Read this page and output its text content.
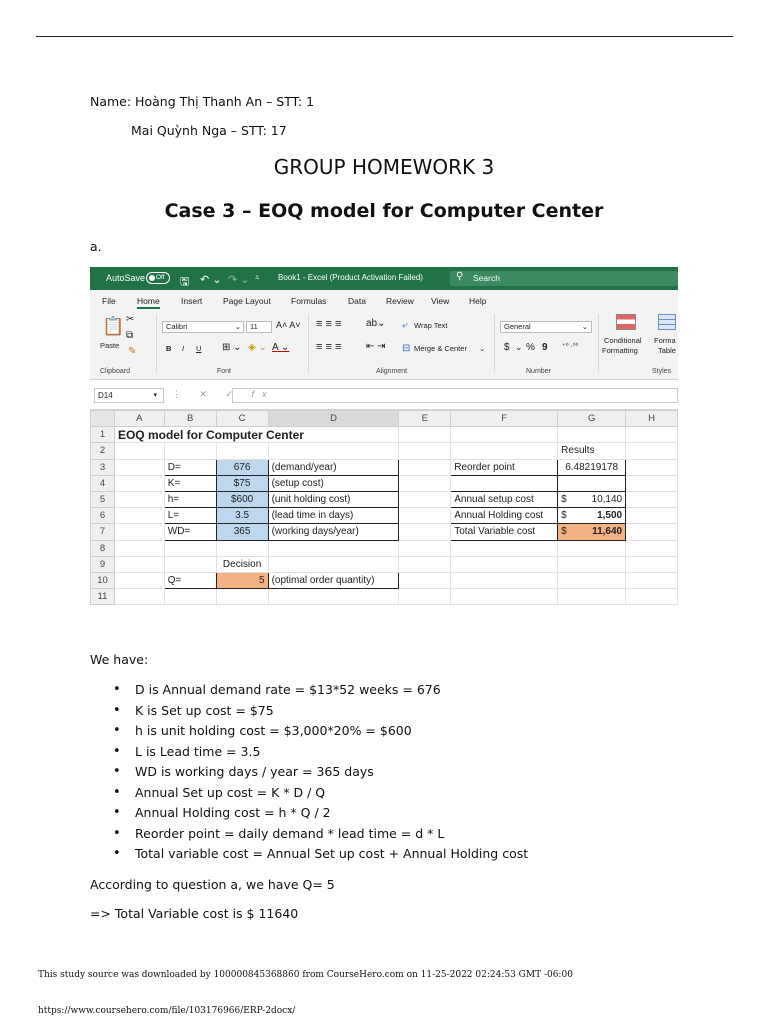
Name: Hoàng Thị Thanh An – STT: 1
Mai Quỳnh Nga – STT: 17
GROUP HOMEWORK 3
Case 3 – EOQ model for Computer Center
a.
AutoSave	Off	🖫 ↶ ⌄ ↷ ⌄ ⩡ Book1 - Excel (Product Activation Failed)	⚲ Search
File	Home	Insert Page Layout Formulas	Data Review View Help
📋
Paste
✂
⧉
✎
Clipboard
Calibri	⌄	11	A˄ A˅
B I U ⊞ ⌄ ◈ ⌄ A ⌄
Font
≡ ≡ ≡ ab⌄
≡ ≡ ≡ ⇤ ⇥
⤶ Wrap Text
⊟ Merge & Center ⌄
Alignment
General	⌄
$ ⌄ % 9 ⁺⁰ ·⁰⁰
Number
Conditional
Formatting
Forma
Table
Styles
D14	▾ ⋮ ✕ ✓ fx
	A	B	C	D	E	F	G	H
1	EOQ model for Computer Center							
2							Results	
3		D=	676	(demand/year)		Reorder point	6.48219178	
4		K=	$75	(setup cost)				
5		h=	$600	(unit holding cost)		Annual setup cost	$ 10,140	

6		L=	3.5	(lead time in days)		Annual Holding cost	$ 1,500	

7		WD=	365	(working days/year)		Total Variable cost	$ 11,640	

8								
9			Decision					
10		Q=	5	(optimal order quantity)				
11								
We have:
• D is Annual demand rate = $13*52 weeks = 676
• K is Set up cost = $75
• h is unit holding cost = $3,000*20% = $600
• L is Lead time = 3.5
• WD is working days / year = 365 days
• Annual Set up cost = K * D / Q
• Annual Holding cost = h * Q / 2
• Reorder point = daily demand * lead time = d * L
• Total variable cost = Annual Set up cost + Annual Holding cost
According to question a, we have Q= 5
=> Total Variable cost is $ 11640
This study source was downloaded by 100000845368860 from CourseHero.com on 11-25-2022 02:24:53 GMT -06:00
https://www.coursehero.com/file/103176966/ERP-2docx/
